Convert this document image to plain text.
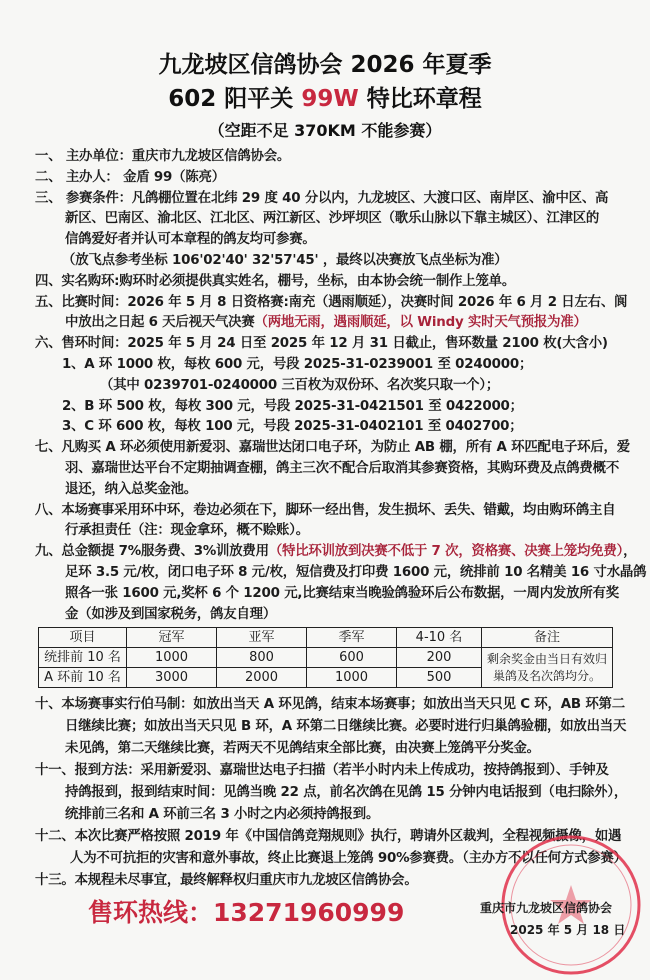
九龙坡区信鸽协会 2026 年夏季
602 阳平关 99W 特比环章程
（空距不足 370KM 不能参赛）
一、 主办单位：重庆市九龙坡区信鸽协会。
二、 主办人： 金盾 99（陈亮）
三、 参赛条件：凡鸽棚位置在北纬 29 度 40 分以内，九龙坡区、大渡口区、南岸区、渝中区、高
新区、巴南区、渝北区、江北区、两江新区、沙坪坝区（歌乐山脉以下靠主城区）、江津区的
信鸽爱好者并认可本章程的鸽友均可参赛。
（放飞点参考坐标 106'02'40' 32'57'45' ，最终以决赛放飞点坐标为准）
四、实名购环:购环时必须提供真实姓名，棚号，坐标，由本协会统一制作上笼单。
五、比赛时间：2026 年 5 月 8 日资格赛:南充（遇雨顺延），决赛时间 2026 年 6 月 2 日左右、阆
中放出之日起 6 天后视天气决赛（两地无雨，遇雨顺延，以 Windy 实时天气预报为准）
六、售环时间：2025 年 5 月 24 日至 2025 年 12 月 31 日截止，售环数量 2100 枚(大含小)
1、A 环 1000 枚，每枚 600 元，号段 2025-31-0239001 至 0240000；
（其中 0239701-0240000 三百枚为双份环、名次奖只取一个）；
2、B 环 500 枚，每枚 300 元，号段 2025-31-0421501 至 0422000；
3、C 环 600 枚，每枚 100 元，号段 2025-31-0402101 至 0402700；
七、凡购买 A 环必须使用新爱羽、嘉瑞世达闭口电子环，为防止 AB 棚，所有 A 环匹配电子环后，爱
羽、嘉瑞世达平台不定期抽调查棚，鸽主三次不配合后取消其参赛资格，其购环费及点鸽费概不
退还，纳入总奖金池。
八、本场赛事采用环中环，卷边必须在下，脚环一经出售，发生损坏、丢失、错戴，均由购环鸽主自
行承担责任（注：现金拿环，概不赊账）。
九、总金额提 7%服务费、3%训放费用（特比环训放到决赛不低于 7 次，资格赛、决赛上笼均免费），
足环 3.5 元/枚，闭口电子环 8 元/枚，短信费及打印费 1600 元，统排前 10 名精美 16 寸水晶鸽
照各一张 1600 元,奖杯 6 个 1200 元,比赛结束当晚验鸽验环后公布数据，一周内发放所有奖
金（如涉及到国家税务，鸽友自理）
项目	冠军	亚军	季军	4-10 名	备注
统排前 10 名	1000	800	600	200	剩余奖金由当日有效归巢鸽及名次鸽均分。
A 环前 10 名	3000	2000	1000	500	
十、本场赛事实行伯马制：如放出当天 A 环见鸽，结束本场赛事；如放出当天只见 C 环，AB 环第二
日继续比赛；如放出当天只见 B 环，A 环第二日继续比赛。必要时进行归巢鸽验棚，如放出当天
未见鸽，第二天继续比赛，若两天不见鸽结束全部比赛，由决赛上笼鸽平分奖金。
十一、报到方法：采用新爱羽、嘉瑞世达电子扫描（若半小时内未上传成功，按持鸽报到）、手钟及
持鸽报到，报到结束时间：见鸽当晚 22 点，前名次鸽在见鸽 15 分钟内电话报到（电扫除外），
统排前三名和 A 环前三名 3 小时之内必须持鸽报到。
十二、本次比赛严格按照 2019 年《中国信鸽竞翔规则》执行，聘请外区裁判，全程视频摄像，如遇
人为不可抗拒的灾害和意外事故，终止比赛退上笼鸽 90%参赛费。（主办方不以任何方式参赛）
十三。本规程未尽事宜，最终解释权归重庆市九龙坡区信鸽协会。
售环热线：13271960999	重庆市九龙坡区信鸽协会
2025 年 5 月 18 日
